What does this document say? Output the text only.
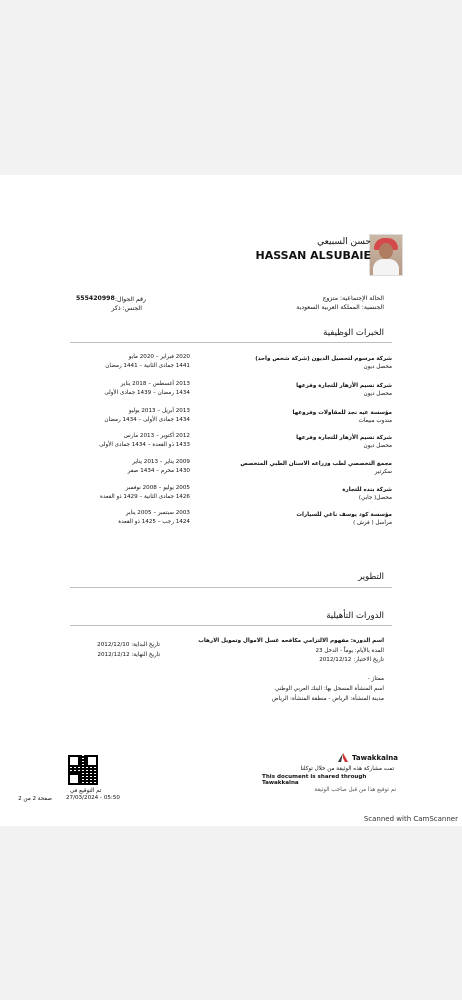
حسن السبيعي
HASSAN ALSUBAIE
الحالة الإجتماعية: متزوج
الجنسية: المملكة العربية السعودية
رقم الجوال:
555420998
الجنس: ذكر
الخبرات الوظيفية
شركة مرسوم لتحصيل الديون (شركة شخص واحد)
محصل ديون
2020 فبراير – 2020 مايو
1441 جمادى الثانية – 1441 رمضان
شركة نسيم الأزهار للتجارة وفرعها
محصل ديون
2013 أغسطس – 2018 يناير
1434 رمضان – 1439 جمادى الأولى
مؤسسة عيه نجد للمقاولات وفروعها
مندوب مبيعات
2013 أبريل – 2013 يوليو
1434 جمادى الأولى – 1434 رمضان
شركة نسيم الأزهار للتجارة وفرعها
محصل ديون
2012 أكتوبر – 2013 مارس
1433 ذو القعدة – 1434 جمادى الأولى
مجمع التخصصي لطب وزراعه الاسنان الطبي المتخصص
سكرتير
2009 يناير – 2013 يناير
1430 محرم – 1434 صفر
شركة بنده للتجارة
محصل( جابي)
2005 يوليو – 2008 نوفمبر
1426 جمادى الثانية – 1429 ذو القعدة
مؤسسة كود يوسف ناغي للسيارات
مراسل ( فرش )
2003 سبتمبر – 2005 يناير
1424 رجب – 1425 ذو القعدة
التطوير
الدورات التأهيلية
اسم الدورة: مفهوم الالتزامي مكافحه غسل الاموال وتمويل الارهاب
المدة بالأيام: يوماً - الدخل 23
تاريخ الاختبار: 2012/12/12
ممتاز -
اسم المنشأة المسجل بها: البنك العربي الوطني
مدينة المنشأة: الرياض - منطقة المنشأة: الرياض
تاريخ البداية: 2012/12/10
تاريخ النهاية: 2012/12/12
Tawakkalna
تمت مشاركة هذه الوثيقة من خلال توكلنا
This document is shared through Tawakkalna
تم توقيع هذا من قبل صاحب الوثيقة
تم التوقيع في
27/03/2024 - 05:50
صفحة 2 من 2
Scanned with CamScanner
